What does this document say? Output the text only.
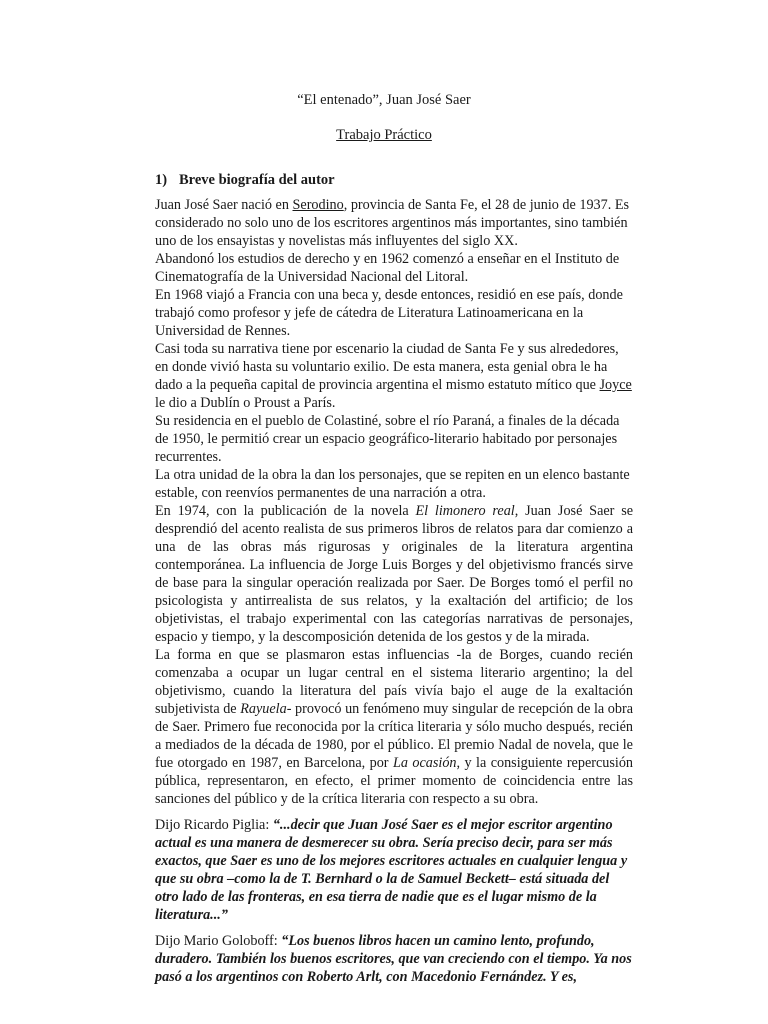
“El entenado”, Juan José Saer
Trabajo Práctico
1) Breve biografía del autor

Juan José Saer nació en Serodino, provincia de Santa Fe, el 28 de junio de 1937. Es considerado no solo uno de los escritores argentinos más importantes, sino también uno de los ensayistas y novelistas más influyentes del siglo XX.

Abandonó los estudios de derecho y en 1962 comenzó a enseñar en el Instituto de Cinematografía de la Universidad Nacional del Litoral.

En 1968 viajó a Francia con una beca y, desde entonces, residió en ese país, donde trabajó como profesor y jefe de cátedra de Literatura Latinoamericana en la Universidad de Rennes.

Casi toda su narrativa tiene por escenario la ciudad de Santa Fe y sus alrededores, en donde vivió hasta su voluntario exilio. De esta manera, esta genial obra le ha dado a la pequeña capital de provincia argentina el mismo estatuto mítico que Joyce le dio a Dublín o Proust a París.

Su residencia en el pueblo de Colastiné, sobre el río Paraná, a finales de la década de 1950, le permitió crear un espacio geográfico-literario habitado por personajes recurrentes.

La otra unidad de la obra la dan los personajes, que se repiten en un elenco bastante estable, con reenvíos permanentes de una narración a otra.

En 1974, con la publicación de la novela El limonero real, Juan José Saer se desprendió del acento realista de sus primeros libros de relatos para dar comienzo a una de las obras más rigurosas y originales de la literatura argentina contemporánea. La influencia de Jorge Luis Borges y del objetivismo francés sirve de base para la singular operación realizada por Saer. De Borges tomó el perfil no psicologista y antirrealista de sus relatos, y la exaltación del artificio; de los objetivistas, el trabajo experimental con las categorías narrativas de personajes, espacio y tiempo, y la descomposición detenida de los gestos y de la mirada.

La forma en que se plasmaron estas influencias -la de Borges, cuando recién comenzaba a ocupar un lugar central en el sistema literario argentino; la del objetivismo, cuando la literatura del país vivía bajo el auge de la exaltación subjetivista de Rayuela- provocó un fenómeno muy singular de recepción de la obra de Saer. Primero fue reconocida por la crítica literaria y sólo mucho después, recién a mediados de la década de 1980, por el público. El premio Nadal de novela, que le fue otorgado en 1987, en Barcelona, por La ocasión, y la consiguiente repercusión pública, representaron, en efecto, el primer momento de coincidencia entre las sanciones del público y de la crítica literaria con respecto a su obra.

Dijo Ricardo Piglia: “...decir que Juan José Saer es el mejor escritor argentino actual es una manera de desmerecer su obra. Sería preciso decir, para ser más exactos, que Saer es uno de los mejores escritores actuales en cualquier lengua y que su obra –como la de T. Bernhard o la de Samuel Beckett– está situada del otro lado de las fronteras, en esa tierra de nadie que es el lugar mismo de la literatura...”

Dijo Mario Goloboff: “Los buenos libros hacen un camino lento, profundo, duradero. También los buenos escritores, que van creciendo con el tiempo. Ya nos pasó a los argentinos con Roberto Arlt, con Macedonio Fernández. Y es,
